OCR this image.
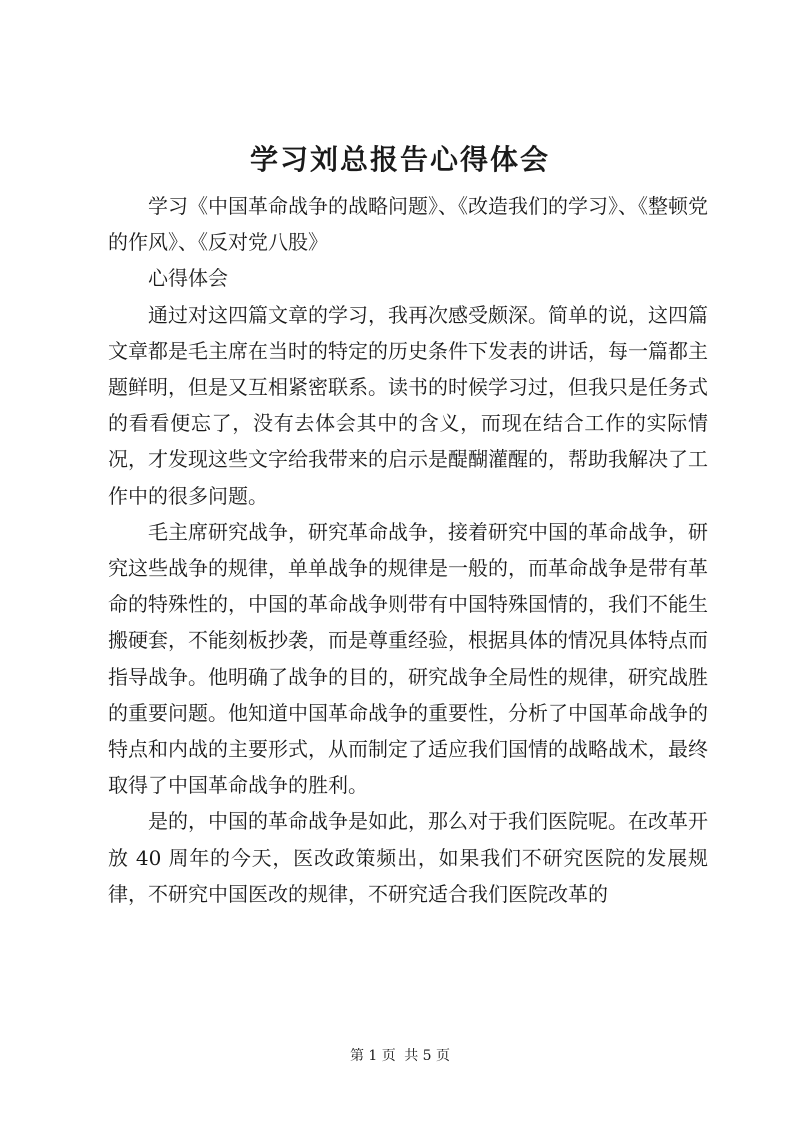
学习刘总报告心得体会

学习《中国革命战争的战略问题》、《改造我们的学习》、《整顿党的作风》、《反对党八股》

心得体会

通过对这四篇文章的学习，我再次感受颇深。简单的说，这四篇文章都是毛主席在当时的特定的历史条件下发表的讲话，每一篇都主题鲜明，但是又互相紧密联系。读书的时候学习过，但我只是任务式的看看便忘了，没有去体会其中的含义，而现在结合工作的实际情况，才发现这些文字给我带来的启示是醍醐灌醒的，帮助我解决了工作中的很多问题。

毛主席研究战争，研究革命战争，接着研究中国的革命战争，研究这些战争的规律，单单战争的规律是一般的，而革命战争是带有革命的特殊性的，中国的革命战争则带有中国特殊国情的，我们不能生搬硬套，不能刻板抄袭，而是尊重经验，根据具体的情况具体特点而指导战争。他明确了战争的目的，研究战争全局性的规律，研究战胜的重要问题。他知道中国革命战争的重要性，分析了中国革命战争的特点和内战的主要形式，从而制定了适应我们国情的战略战术，最终取得了中国革命战争的胜利。

是的，中国的革命战争是如此，那么对于我们医院呢。在改革开放 40 周年的今天，医改政策频出，如果我们不研究医院的发展规律，不研究中国医改的规律，不研究适合我们医院改革的

第 1 页 共 5 页
